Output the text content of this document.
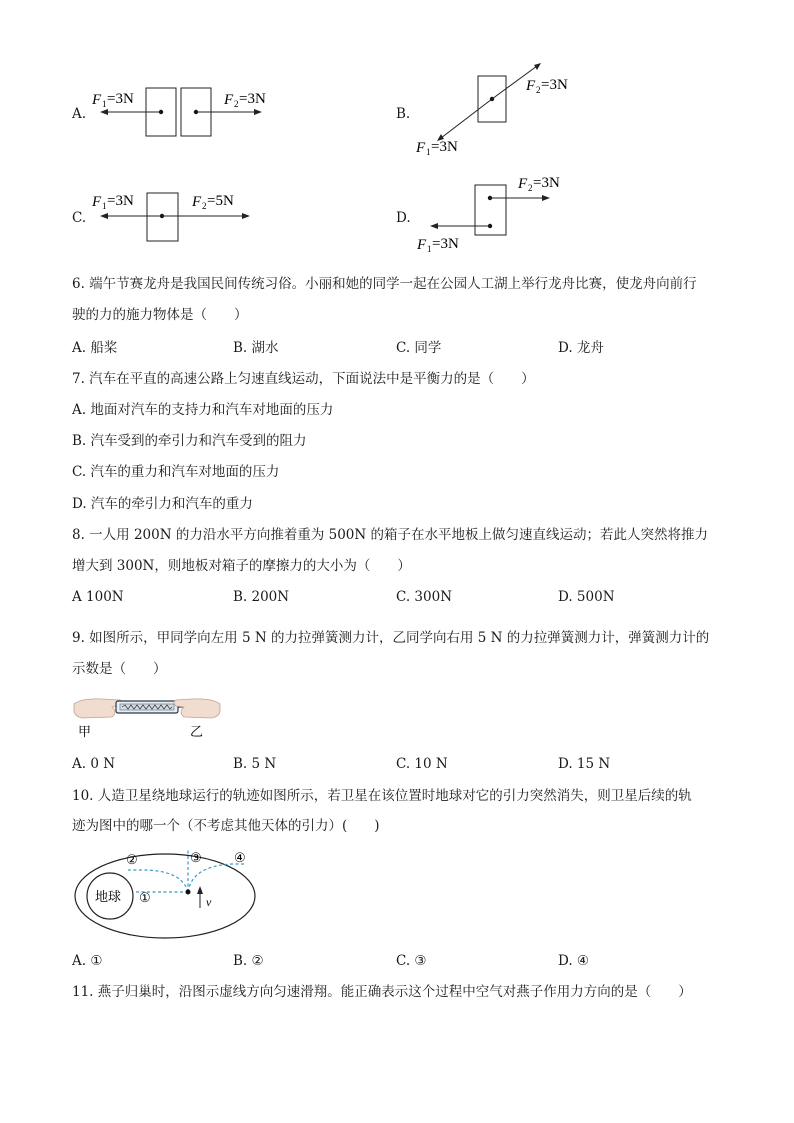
A.
F 1 =3N	F 2 =3N
B.
F 2 =3N
F 1 =3N
C.
F 1 =3N	F 2 =5N
D.
F 2 =3N
F 1 =3N
6. 端午节赛龙舟是我国民间传统习俗。小丽和她的同学一起在公园人工湖上举行龙舟比赛，使龙舟向前行
驶的力的施力物体是（　　）
A. 船桨	B. 湖水	C. 同学	D. 龙舟
7. 汽车在平直的高速公路上匀速直线运动，下面说法中是平衡力的是（　　）
A. 地面对汽车的支持力和汽车对地面的压力
B. 汽车受到的牵引力和汽车受到的阻力
C. 汽车的重力和汽车对地面的压力
D. 汽车的牵引力和汽车的重力
8. 一人用 200N 的力沿水平方向推着重为 500N 的箱子在水平地板上做匀速直线运动；若此人突然将推力
增大到 300N，则地板对箱子的摩擦力的大小为（　　）
A 100N	B. 200N	C. 300N	D. 500N
9. 如图所示，甲同学向左用 5 N 的力拉弹簧测力计，乙同学向右用 5 N 的力拉弹簧测力计，弹簧测力计的
示数是（　　）
甲	乙
A. 0 N	B. 5 N	C. 10 N	D. 15 N
10. 人造卫星绕地球运行的轨迹如图所示，若卫星在该位置时地球对它的引力突然消失，则卫星后续的轨
迹为图中的哪一个（不考虑其他天体的引力）(　　)
地球	v
①
②	③ ④
A. ①	B. ②	C. ③	D. ④
11. 燕子归巢时，沿图示虚线方向匀速滑翔。能正确表示这个过程中空气对燕子作用力方向的是（　　）
